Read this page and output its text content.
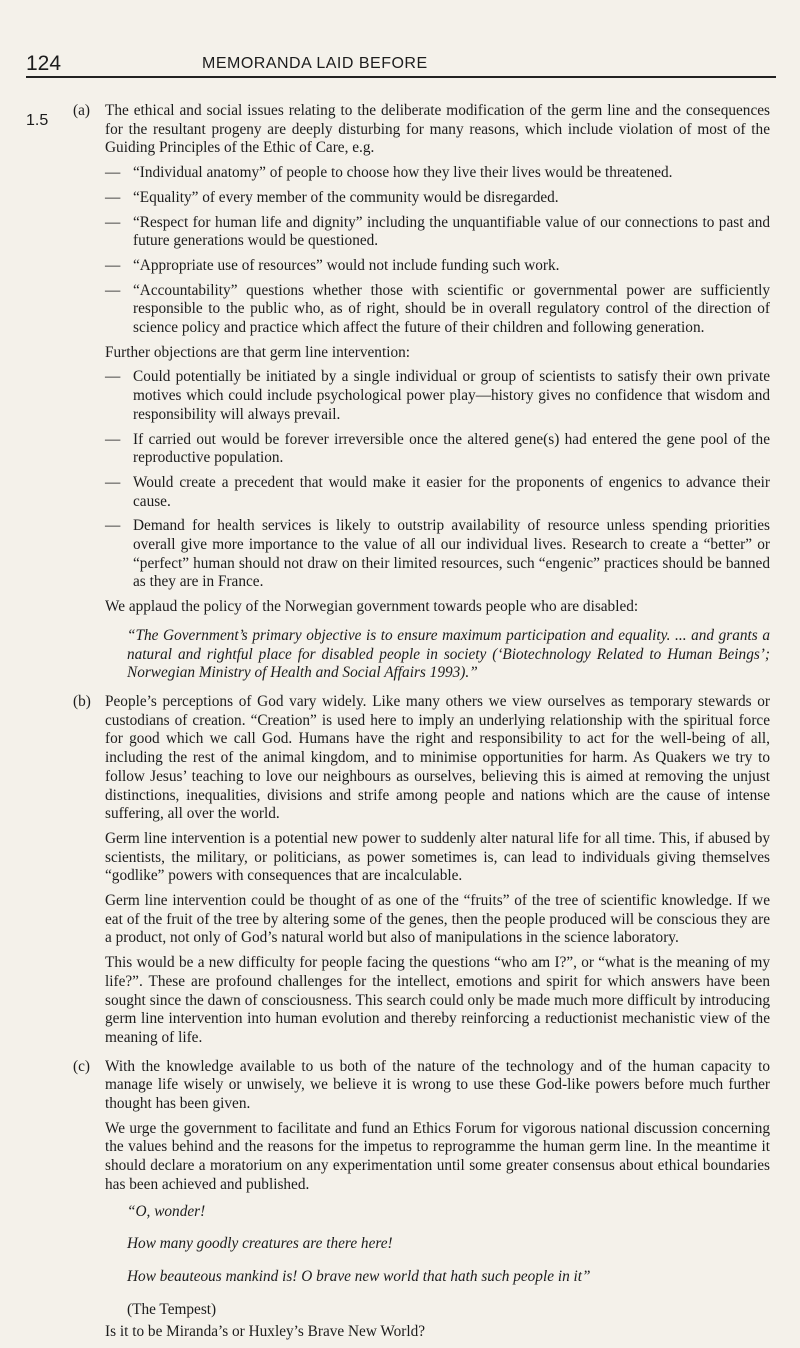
124	MEMORANDA LAID BEFORE
1.5
(a) The ethical and social issues relating to the deliberate modification of the germ line and the consequences for the resultant progeny are deeply disturbing for many reasons, which include violation of most of the Guiding Principles of the Ethic of Care, e.g.

— “Individual anatomy” of people to choose how they live their lives would be threatened.
— “Equality” of every member of the community would be disregarded.
— “Respect for human life and dignity” including the unquantifiable value of our connections to past and future generations would be questioned.
— “Appropriate use of resources” would not include funding such work.
— “Accountability” questions whether those with scientific or governmental power are sufficiently responsible to the public who, as of right, should be in overall regulatory control of the direction of science policy and practice which affect the future of their children and following generation.

Further objections are that germ line intervention:

— Could potentially be initiated by a single individual or group of scientists to satisfy their own private motives which could include psychological power play—history gives no confidence that wisdom and responsibility will always prevail.
— If carried out would be forever irreversible once the altered gene(s) had entered the gene pool of the reproductive population.
— Would create a precedent that would make it easier for the proponents of engenics to advance their cause.
— Demand for health services is likely to outstrip availability of resource unless spending priorities overall give more importance to the value of all our individual lives. Research to create a “better” or “perfect” human should not draw on their limited resources, such “engenic” practices should be banned as they are in France.

We applaud the policy of the Norwegian government towards people who are disabled:

“The Government’s primary objective is to ensure maximum participation and equality. ... and grants a natural and rightful place for disabled people in society (‘Biotechnology Related to Human Beings’; Norwegian Ministry of Health and Social Affairs 1993).”
(b) People’s perceptions of God vary widely. Like many others we view ourselves as temporary stewards or custodians of creation. “Creation” is used here to imply an underlying relationship with the spiritual force for good which we call God. Humans have the right and responsibility to act for the well-being of all, including the rest of the animal kingdom, and to minimise opportunities for harm. As Quakers we try to follow Jesus’ teaching to love our neighbours as ourselves, believing this is aimed at removing the unjust distinctions, inequalities, divisions and strife among people and nations which are the cause of intense suffering, all over the world.

Germ line intervention is a potential new power to suddenly alter natural life for all time. This, if abused by scientists, the military, or politicians, as power sometimes is, can lead to individuals giving themselves “godlike” powers with consequences that are incalculable.

Germ line intervention could be thought of as one of the “fruits” of the tree of scientific knowledge. If we eat of the fruit of the tree by altering some of the genes, then the people produced will be conscious they are a product, not only of God’s natural world but also of manipulations in the science laboratory.

This would be a new difficulty for people facing the questions “who am I?”, or “what is the meaning of my life?”. These are profound challenges for the intellect, emotions and spirit for which answers have been sought since the dawn of consciousness. This search could only be made much more difficult by introducing germ line intervention into human evolution and thereby reinforcing a reductionist mechanistic view of the meaning of life.

(c) With the knowledge available to us both of the nature of the technology and of the human capacity to manage life wisely or unwisely, we believe it is wrong to use these God-like powers before much further thought has been given.

We urge the government to facilitate and fund an Ethics Forum for vigorous national discussion concerning the values behind and the reasons for the impetus to reprogramme the human germ line. In the meantime it should declare a moratorium on any experimentation until some greater consensus about ethical boundaries has been achieved and published.

“O, wonder!
How many goodly creatures are there here!
How beauteous mankind is! O brave new world that hath such people in it”
(The Tempest)

Is it to be Miranda’s or Huxley’s Brave New World?
